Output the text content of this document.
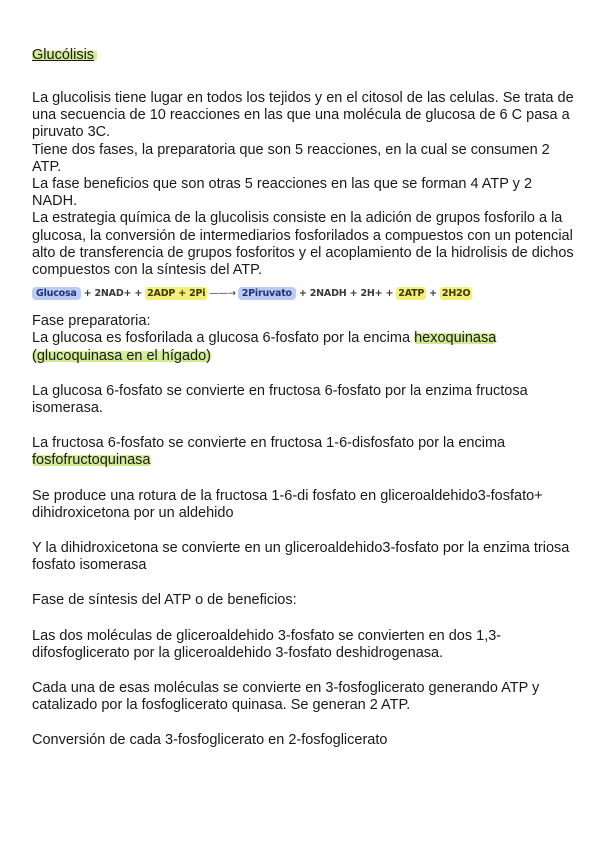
Glucólisis

La glucolisis tiene lugar en todos los tejidos y en el citosol de las celulas. Se trata de una secuencia de 10 reacciones en las que una molécula de glucosa de 6 C pasa a piruvato 3C.

Tiene dos fases, la preparatoria que son 5 reacciones, en la cual se consumen 2 ATP.

La fase beneficios que son otras 5 reacciones en las que se forman 4 ATP y 2 NADH.

La estrategia química de la glucolisis consiste en la adición de grupos fosforilo a la glucosa, la conversión de intermediarios fosforilados a compuestos con un potencial alto de transferencia de grupos fosforitos y el acoplamiento de la hidrolisis de dichos compuestos con la síntesis del ATP.

Glucosa + 2NAD+ + 2ADP + 2Pi ——→ 2Piruvato + 2NADH + 2H+ + 2ATP + 2H2O

Fase preparatoria:

La glucosa es fosforilada a glucosa 6-fosfato por la encima hexoquinasa
(glucoquinasa en el hígado)

La glucosa 6-fosfato se convierte en fructosa 6-fosfato por la enzima fructosa isomerasa.

La fructosa 6-fosfato se convierte en fructosa 1-6-disfosfato por la encima
fosfofructoquinasa

Se produce una rotura de la fructosa 1-6-di fosfato en gliceroaldehido3-fosfato+ dihidroxicetona por un aldehido

Y la dihidroxicetona se convierte en un gliceroaldehido3-fosfato por la enzima triosa fosfato isomerasa

Fase de síntesis del ATP o de beneficios:

Las dos moléculas de gliceroaldehido 3-fosfato se convierten en dos 1,3-difosfoglicerato por la gliceroaldehido 3-fosfato deshidrogenasa.

Cada una de esas moléculas se convierte en 3-fosfoglicerato generando ATP y catalizado por la fosfoglicerato quinasa. Se generan 2 ATP.

Conversión de cada 3-fosfoglicerato en 2-fosfoglicerato
